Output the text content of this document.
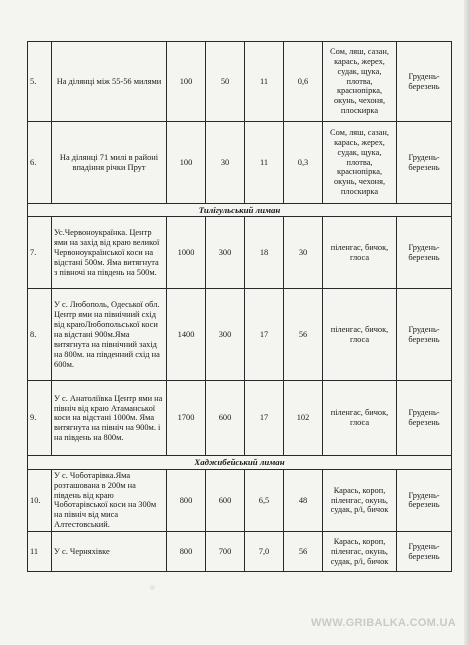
5.	На ділянці між 55-56 милями	100	50	11	0,6	Сом, ляш, сазан, карась, жерех, судак, щука, плотва, краснопірка, окунь, чехоня, плоскирка	Грудень-березень
6.	На ділянці 71 милі в районі впадіння річки Прут	100	30	11	0,3	Сом, ляш, сазан, карась, жерех, судак, щука, плотва, краснопірка, окунь, чехоня, плоскирка	Грудень-березень
Тилігульський лиман							
7.	Ус.Червоноукраїнка. Центр ями на захід від краю великої Червоноукраїнської коси на відстані 500м. Яма витягнута з півночі на південь на 500м.	1000	300	18	30	піленгас, бичок, глоса	Грудень-березень
8.	У с. Любополь, Одеської обл. Центр ями на північний схід від краюЛюбопольської коси на відстані 900м.Яма витягнута на північний захід на 800м. на південний схід на 600м.	1400	300	17	56	піленгас, бичок, глоса	Грудень-березень
9.	У с. Анатоліївка Центр ями на північ від краю Атаманської коси на відстані 1000м. Яма витягнута на північ на 900м. і на південь на 800м.	1700	600	17	102	піленгас, бичок, глоса	Грудень-березень
Хаджибейський лиман							
10.	У с. Чоботарівка.Яма розташована в 200м на південь від краю Чоботарівської коси на 300м на північ від миса Алтестовський.	800	600	6,5	48	Карась, короп, піленгас, окунь, судак, р/і, бичок	Грудень-березень
11	У с. Черняхівке	800	700	7,0	56	Карась, короп, піленгас, окунь, судак, р/і, бичок	Грудень-березень
WWW.GRIBALKA.COM.UA
